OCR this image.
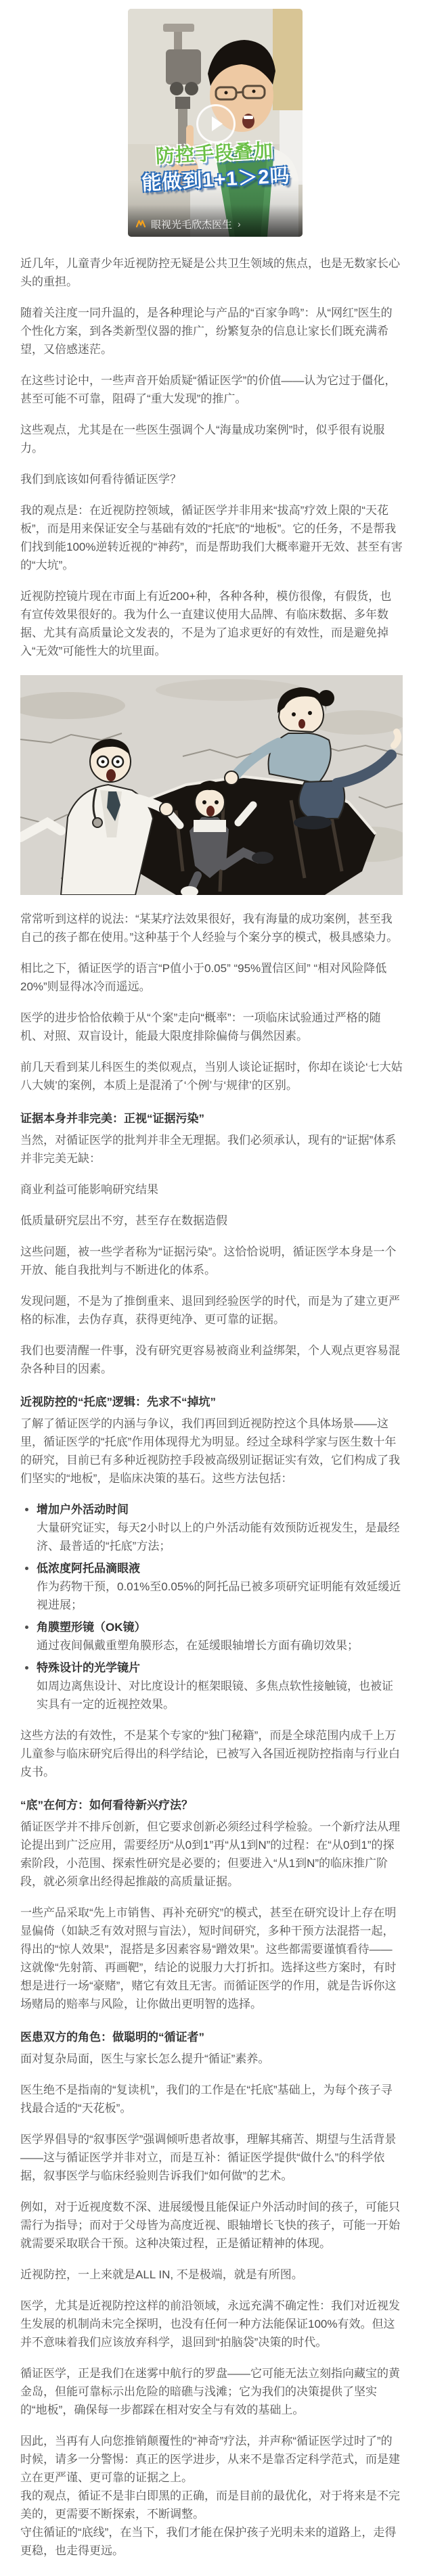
防控手段叠加
能做到1+1＞2吗
眼视光毛欣杰医生 ›

近几年，儿童青少年近视防控无疑是公共卫生领域的焦点，也是无数家长心头的重担。

随着关注度一同升温的，是各种理论与产品的“百家争鸣”：从“网红”医生的个性化方案，到各类新型仪器的推广，纷繁复杂的信息让家长们既充满希望，又倍感迷茫。

在这些讨论中，一些声音开始质疑“循证医学”的价值——认为它过于僵化，甚至可能不可靠，阻碍了“重大发现”的推广。

这些观点，尤其是在一些医生强调个人“海量成功案例”时，似乎很有说服力。

我们到底该如何看待循证医学？

我的观点是：在近视防控领域，循证医学并非用来“拔高”疗效上限的“天花板”，而是用来保证安全与基础有效的“托底”的“地板”。它的任务，不是帮我们找到能100%逆转近视的“神药”，而是帮助我们大概率避开无效、甚至有害的“大坑”。

近视防控镜片现在市面上有近200+种，各种各种，模仿很像，有假货，也有宣传效果很好的。我为什么一直建议使用大品牌、有临床数据、多年数据、尤其有高质量论文发表的，不是为了追求更好的有效性，而是避免掉入“无效”可能性大的坑里面。

常常听到这样的说法：“某某疗法效果很好，我有海量的成功案例，甚至我自己的孩子都在使用。”这种基于个人经验与个案分享的模式，极具感染力。

相比之下，循证医学的语言“P值小于0.05” “95%置信区间” “相对风险降低20%”则显得冰冷而遥远。

医学的进步恰恰依赖于从“个案”走向“概率”：一项临床试验通过严格的随机、对照、双盲设计，能最大限度排除偏倚与偶然因素。

前几天看到某儿科医生的类似观点，当别人谈论证据时，你却在谈论‘七大姑八大姨’的案例，本质上是混淆了‘个例’与‘规律’的区别。

证据本身并非完美：正视“证据污染”

当然，对循证医学的批判并非全无理据。我们必须承认，现有的“证据”体系并非完美无缺：

商业利益可能影响研究结果

低质量研究层出不穷，甚至存在数据造假

这些问题，被一些学者称为“证据污染”。这恰恰说明，循证医学本身是一个开放、能自我批判与不断进化的体系。

发现问题，不是为了推倒重来、退回到经验医学的时代，而是为了建立更严格的标准，去伪存真，获得更纯净、更可靠的证据。

我们也要清醒一件事，没有研究更容易被商业利益绑架，个人观点更容易混杂各种目的因素。

近视防控的“托底”逻辑：先求不“掉坑”

了解了循证医学的内涵与争议，我们再回到近视防控这个具体场景——这里，循证医学的“托底”作用体现得尤为明显。经过全球科学家与医生数十年的研究，目前已有多种近视防控手段被高级别证据证实有效，它们构成了我们坚实的“地板”，是临床决策的基石。这些方法包括：

• 增加户外活动时间

大量研究证实，每天2小时以上的户外活动能有效预防近视发生，是最经济、最普适的“托底”方法；

• 低浓度阿托品滴眼液

作为药物干预，0.01%至0.05%的阿托品已被多项研究证明能有效延缓近视进展；

• 角膜塑形镜（OK镜）

通过夜间佩戴重塑角膜形态，在延缓眼轴增长方面有确切效果；

• 特殊设计的光学镜片

如周边离焦设计、对比度设计的框架眼镜、多焦点软性接触镜，也被证实具有一定的近视控效果。

这些方法的有效性，不是某个专家的“独门秘籍”，而是全球范围内成千上万儿童参与临床研究后得出的科学结论，已被写入各国近视防控指南与行业白皮书。

“底”在何方：如何看待新兴疗法？

循证医学并不排斥创新，但它要求创新必须经过科学检验。一个新疗法从理论提出到广泛应用，需要经历“从0到1”再“从1到N”的过程：在“从0到1”的探索阶段，小范围、探索性研究是必要的；但要进入“从1到N”的临床推广阶段，就必须拿出经得起推敲的高质量证据。

一些产品采取“先上市销售、再补充研究”的模式，甚至在研究设计上存在明显偏倚（如缺乏有效对照与盲法），短时间研究，多种干预方法混搭一起，得出的“惊人效果”，混搭是多因素容易“蹭效果”。这些都需要谨慎看待——这就像“先射箭、再画靶”，结论的说服力大打折扣。选择这些方案时，有时想是进行一场“豪赌”，赌它有效且无害。而循证医学的作用，就是告诉你这场赌局的赔率与风险，让你做出更明智的选择。

医患双方的角色：做聪明的“循证者”

面对复杂局面，医生与家长怎么提升“循证”素养。

医生绝不是指南的“复读机”，我们的工作是在“托底”基础上，为每个孩子寻找最合适的“天花板”。

医学界倡导的“叙事医学”强调倾听患者故事，理解其痛苦、期望与生活背景——这与循证医学并非对立，而是互补：循证医学提供“做什么”的科学依据，叙事医学与临床经验则告诉我们“如何做”的艺术。

例如，对于近视度数不深、进展缓慢且能保证户外活动时间的孩子，可能只需行为指导；而对于父母皆为高度近视、眼轴增长飞快的孩子，可能一开始就需要采取联合干预。这种决策过程，正是循证精神的体现。

近视防控，一上来就是ALL IN, 不是极端，就是有所图。

医学，尤其是近视防控这样的前沿领域，永远充满不确定性：我们对近视发生发展的机制尚未完全探明，也没有任何一种方法能保证100%有效。但这并不意味着我们应该放弃科学，退回到“拍脑袋”决策的时代。

循证医学，正是我们在迷雾中航行的罗盘——它可能无法立刻指向藏宝的黄金岛，但能可靠标示出危险的暗礁与浅滩；它为我们的决策提供了坚实的“地板”，确保每一步都踩在相对安全与有效的基础上。

因此，当再有人向您推销颠覆性的“神奇”疗法，并声称“循证医学过时了”的时候，请多一分警惕：真正的医学进步，从来不是靠否定科学范式，而是建立在更严谨、更可靠的证据之上。

我的观点，循证不是非白即黑的正确，而是目前的最优化，对于将来是不完美的，更需要不断探索，不断调整。

守住循证的“底线”，在当下，我们才能在保护孩子光明未来的道路上，走得更稳，也走得更远。
